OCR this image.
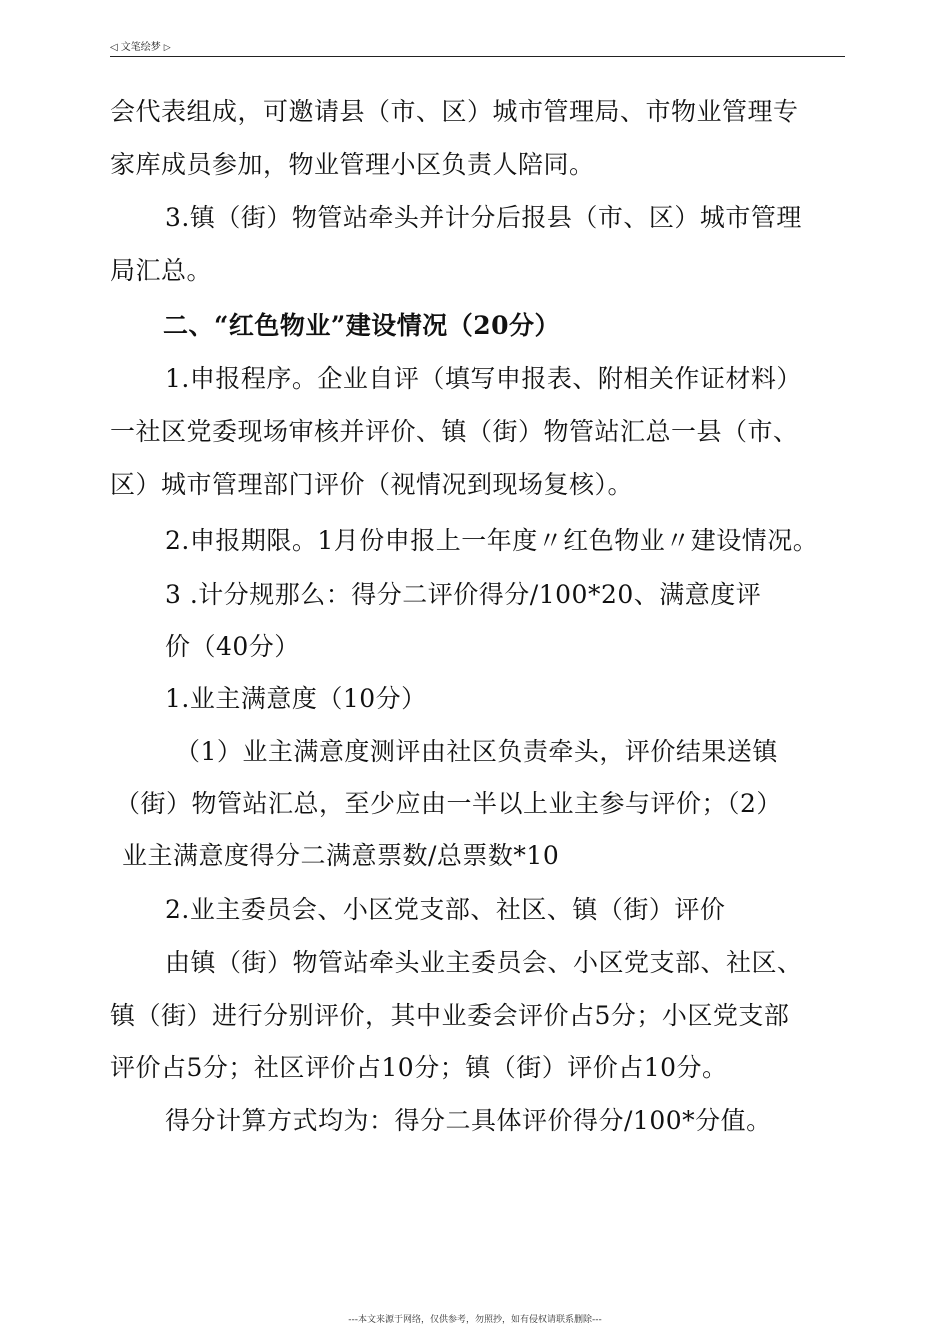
◁ 文笔绘梦 ▷
会代表组成，可邀请县（市、区）城市管理局、市物业管理专
家库成员参加，物业管理小区负责人陪同。
3.镇（街）物管站牵头并计分后报县（市、区）城市管理
局汇总。
二、“红色物业”建设情况（20分）
1.申报程序。企业自评（填写申报表、附相关作证材料）
一社区党委现场审核并评价、镇（街）物管站汇总一县（市、
区）城市管理部门评价（视情况到现场复核）。
2.申报期限。1月份申报上一年度〃红色物业〃建设情况。
3 .计分规那么：得分二评价得分/100*20、满意度评
价（40分）
1.业主满意度（10分）
（1）业主满意度测评由社区负责牵头，评价结果送镇
（街）物管站汇总，至少应由一半以上业主参与评价；（2）
业主满意度得分二满意票数/总票数*10
2.业主委员会、小区党支部、社区、镇（街）评价
由镇（街）物管站牵头业主委员会、小区党支部、社区、
镇（街）进行分别评价，其中业委会评价占5分；小区党支部
评价占5分；社区评价占10分；镇（街）评价占10分。
得分计算方式均为：得分二具体评价得分/100*分值。
---本文来源于网络，仅供参考，勿照抄，如有侵权请联系删除---
